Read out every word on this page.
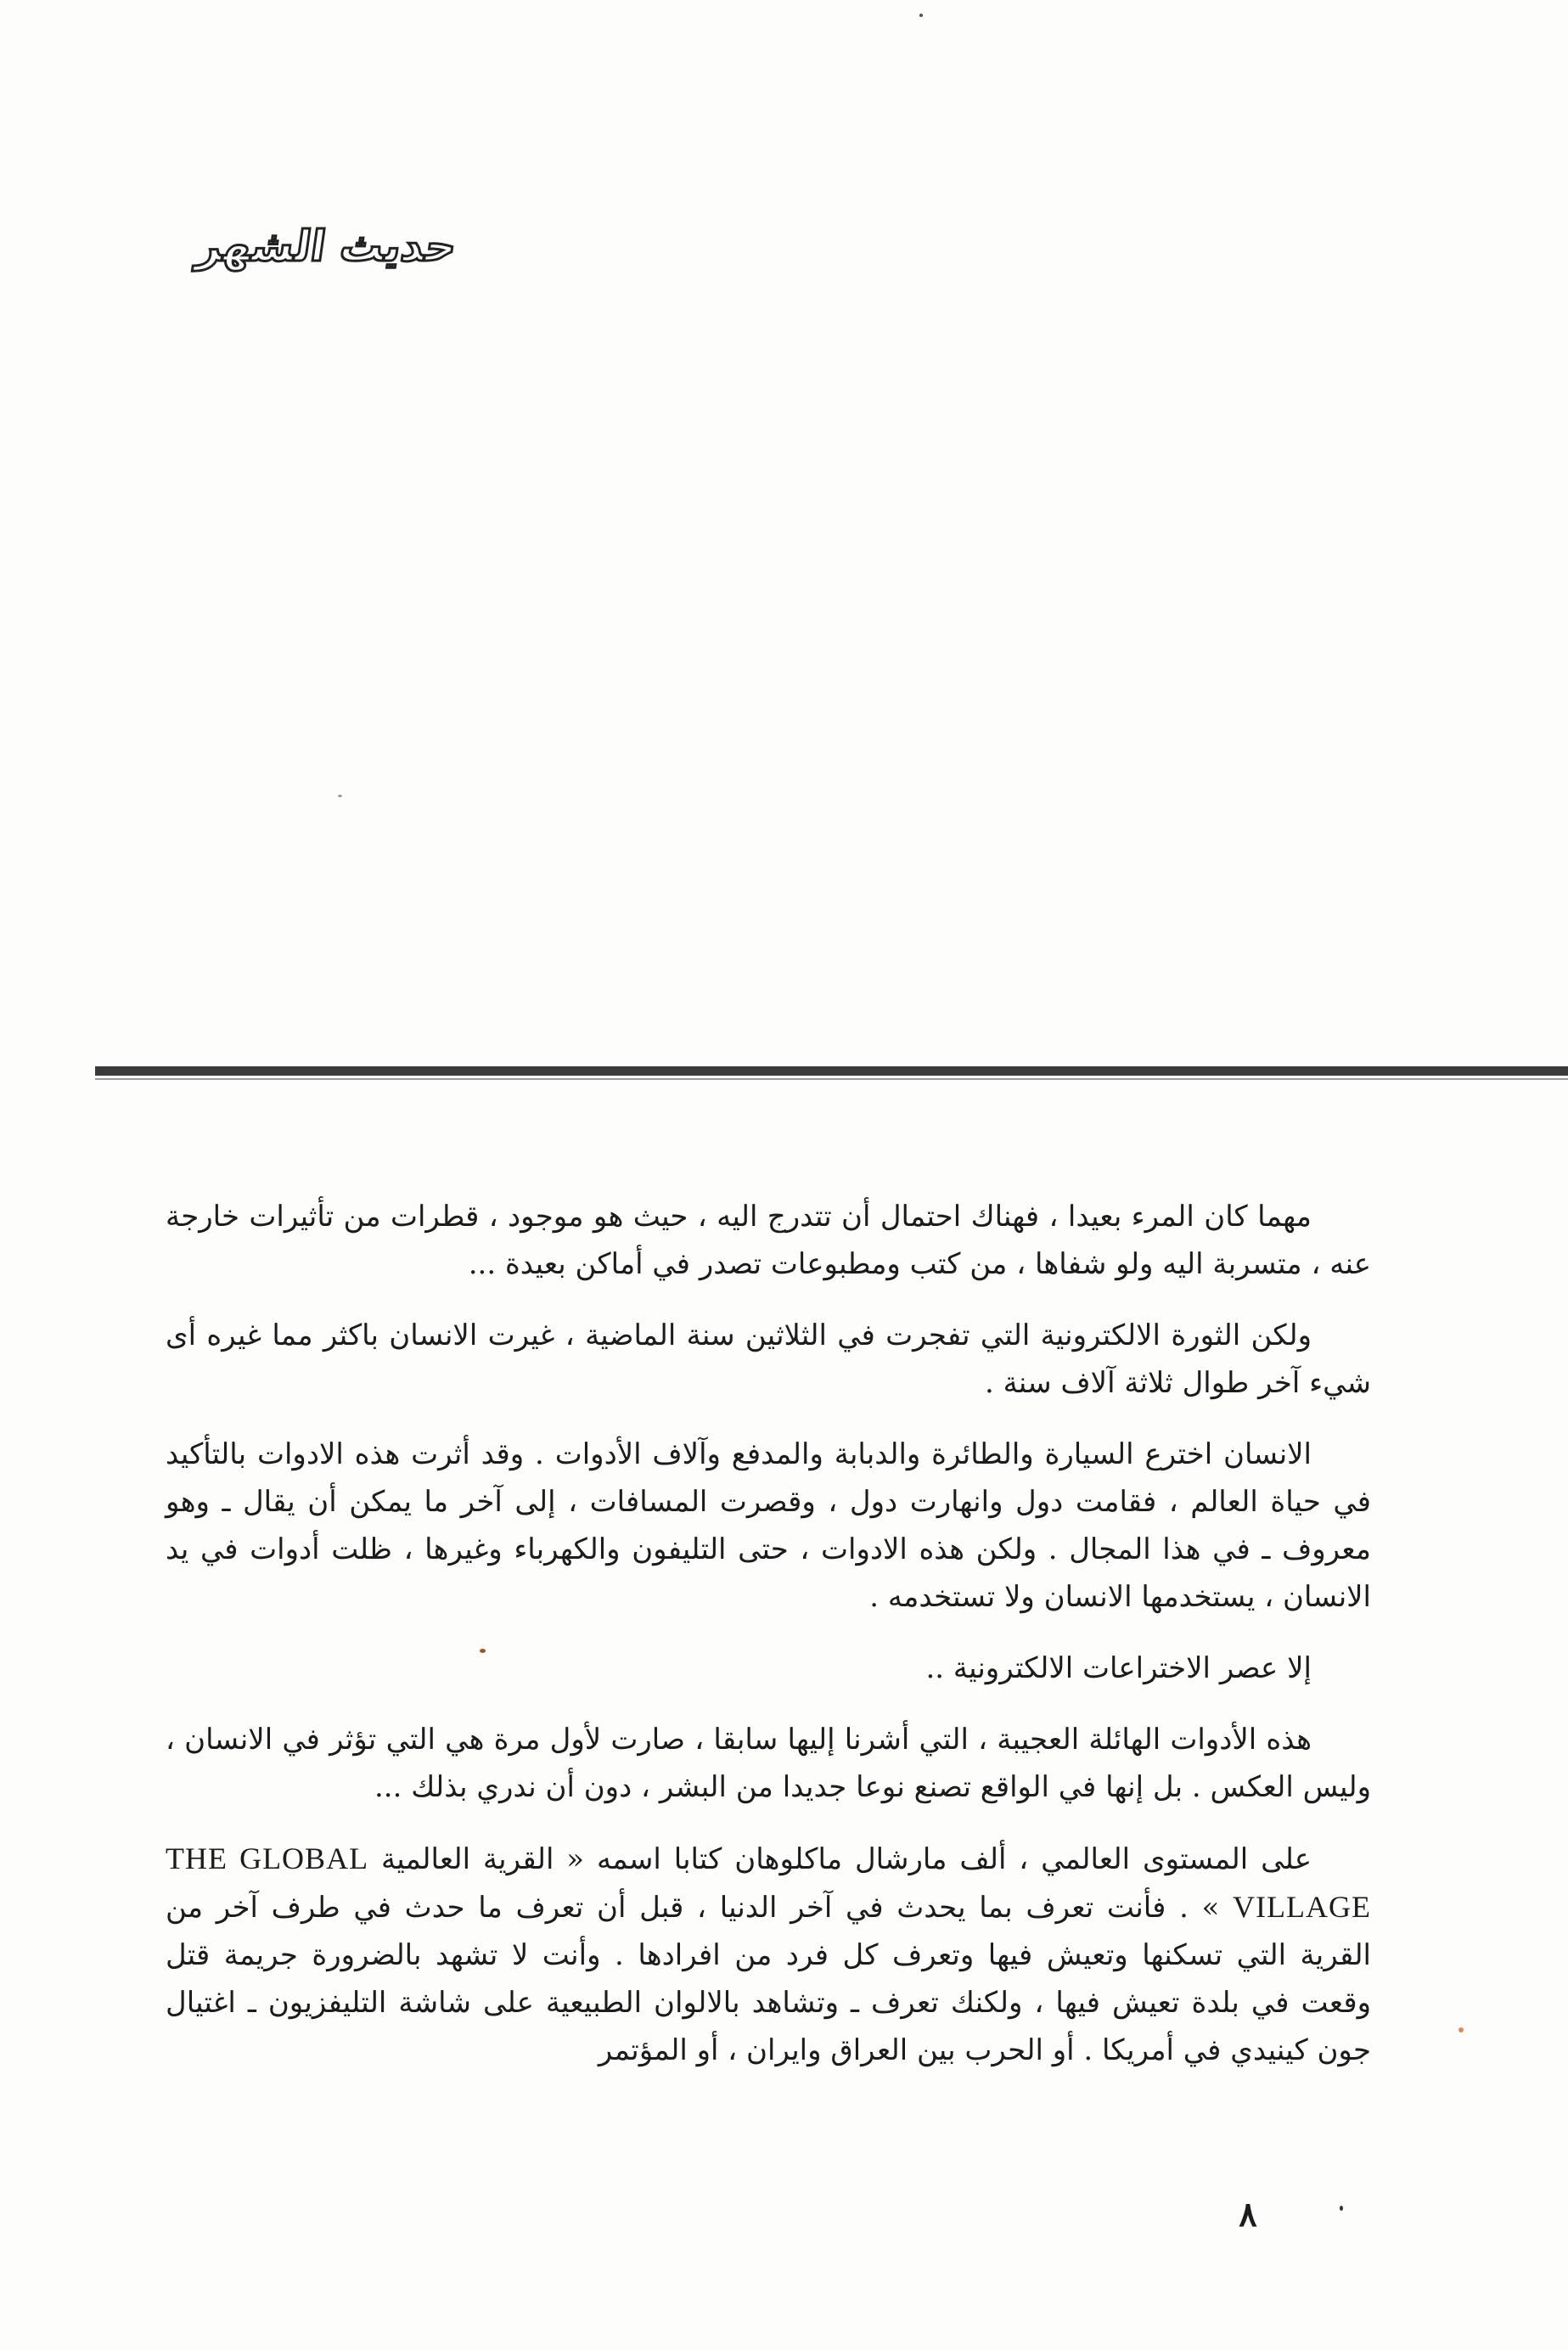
حديث الشهر

مهما كان المرء بعيدا ، فهناك احتمال أن تتدرج اليه ، حيث هو موجود ، قطرات من تأثيرات خارجة عنه ، متسربة اليه ولو شفاها ، من كتب ومطبوعات تصدر في أماكن بعيدة ...

ولكن الثورة الالكترونية التي تفجرت في الثلاثين سنة الماضية ، غيرت الانسان باكثر مما غيره أى شيء آخر طوال ثلاثة آلاف سنة .

الانسان اخترع السيارة والطائرة والدبابة والمدفع وآلاف الأدوات . وقد أثرت هذه الادوات بالتأكيد في حياة العالم ، فقامت دول وانهارت دول ، وقصرت المسافات ، إلى آخر ما يمكن أن يقال ـ وهو معروف ـ في هذا المجال . ولكن هذه الادوات ، حتى التليفون والكهرباء وغيرها ، ظلت أدوات في يد الانسان ، يستخدمها الانسان ولا تستخدمه .

إلا عصر الاختراعات الالكترونية ..

هذه الأدوات الهائلة العجيبة ، التي أشرنا إليها سابقا ، صارت لأول مرة هي التي تؤثر في الانسان ، وليس العكس . بل إنها في الواقع تصنع نوعا جديدا من البشر ، دون أن ندري بذلك ...

على المستوى العالمي ، ألف مارشال ماكلوهان كتابا اسمه « القرية العالمية THE GLOBAL VILLAGE » . فأنت تعرف بما يحدث في آخر الدنيا ، قبل أن تعرف ما حدث في طرف آخر من القرية التي تسكنها وتعيش فيها وتعرف كل فرد من افرادها . وأنت لا تشهد بالضرورة جريمة قتل وقعت في بلدة تعيش فيها ، ولكنك تعرف ـ وتشاهد بالالوان الطبيعية على شاشة التليفزيون ـ اغتيال جون كينيدي في أمريكا . أو الحرب بين العراق وايران ، أو المؤتمر

٨
